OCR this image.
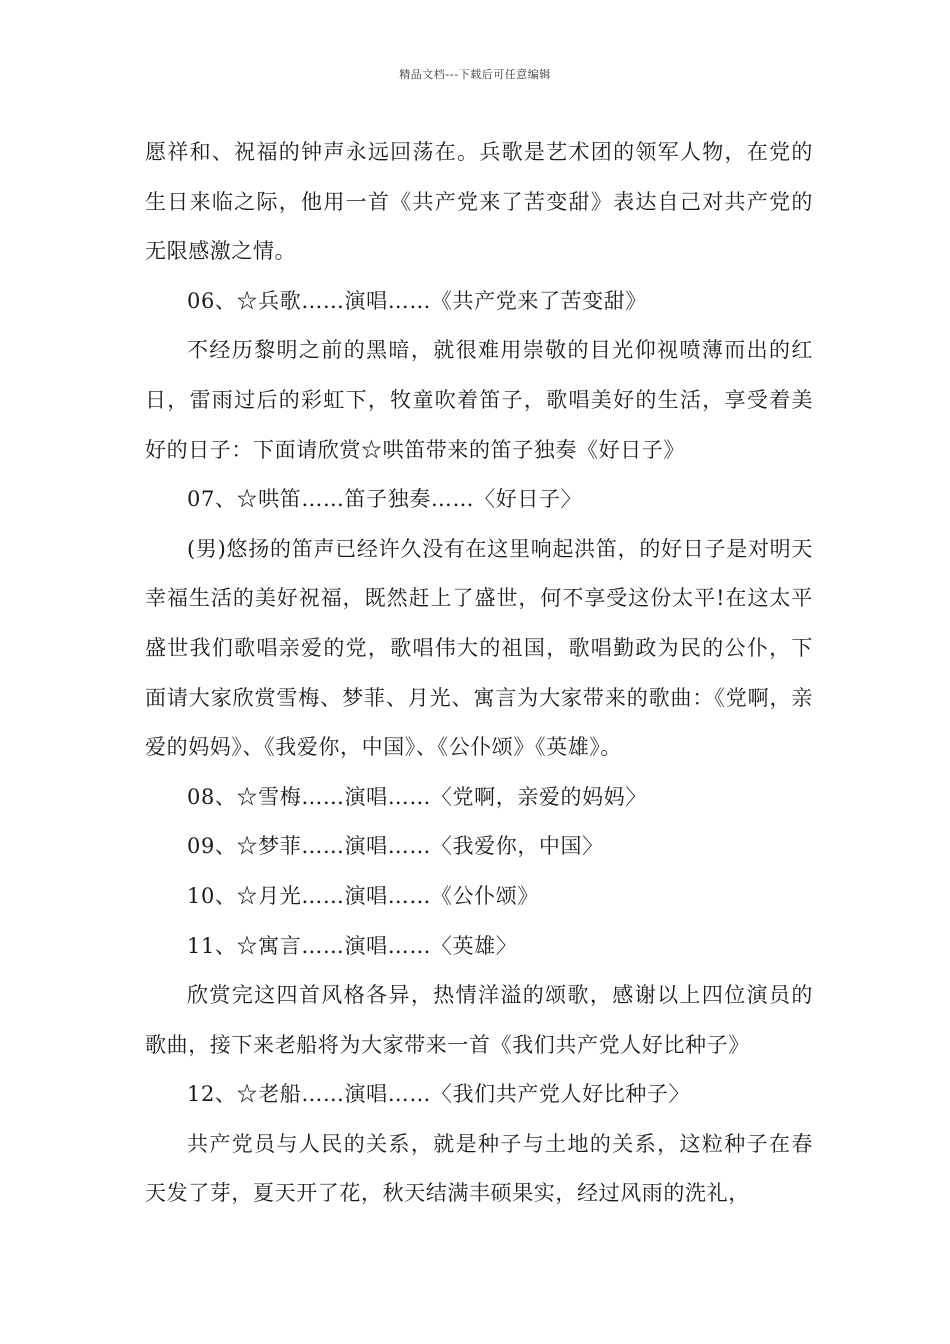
精品文档---下载后可任意编辑

愿祥和、祝福的钟声永远回荡在。兵歌是艺术团的领军人物，在党的生日来临之际，他用一首《共产党来了苦变甜》表达自己对共产党的无限感激之情。

06、☆兵歌……演唱……《共产党来了苦变甜》

不经历黎明之前的黑暗，就很难用崇敬的目光仰视喷薄而出的红日，雷雨过后的彩虹下，牧童吹着笛子，歌唱美好的生活，享受着美好的日子：下面请欣赏☆哄笛带来的笛子独奏《好日子》

07、☆哄笛……笛子独奏……〈好日子〉

(男)悠扬的笛声已经许久没有在这里响起洪笛，的好日子是对明天幸福生活的美好祝福，既然赶上了盛世，何不享受这份太平!在这太平盛世我们歌唱亲爱的党，歌唱伟大的祖国，歌唱勤政为民的公仆，下面请大家欣赏雪梅、梦菲、月光、寓言为大家带来的歌曲：《党啊，亲爱的妈妈》、《我爱你，中国》、《公仆颂》《英雄》。

08、☆雪梅……演唱……〈党啊，亲爱的妈妈〉

09、☆梦菲……演唱……〈我爱你，中国〉

10、☆月光……演唱……《公仆颂》

11、☆寓言……演唱……〈英雄〉

欣赏完这四首风格各异，热情洋溢的颂歌，感谢以上四位演员的歌曲，接下来老船将为大家带来一首《我们共产党人好比种子》

12、☆老船……演唱……〈我们共产党人好比种子〉

共产党员与人民的关系，就是种子与土地的关系，这粒种子在春天发了芽，夏天开了花，秋天结满丰硕果实，经过风雨的洗礼，
